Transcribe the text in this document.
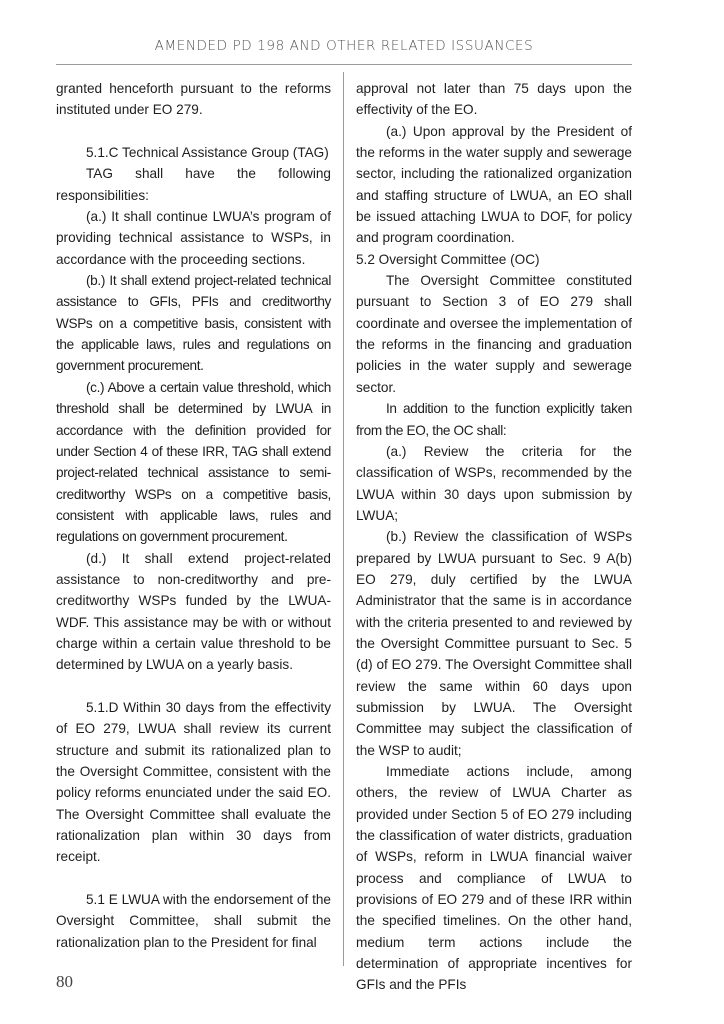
AMENDED PD 198 AND OTHER RELATED ISSUANCES

granted henceforth pursuant to the reforms instituted under EO 279.

5.1.C Technical Assistance Group (TAG)

TAG shall have the following responsibilities:

(a.) It shall continue LWUA’s program of providing technical assistance to WSPs, in accordance with the proceeding sections.

(b.) It shall extend project-related technical assistance to GFIs, PFIs and creditworthy WSPs on a competitive basis, consistent with the applicable laws, rules and regulations on government procurement.

(c.) Above a certain value threshold, which threshold shall be determined by LWUA in accordance with the definition provided for under Section 4 of these IRR, TAG shall extend project-related technical assistance to semi-creditworthy WSPs on a competitive basis, consistent with applicable laws, rules and regulations on government procurement.

(d.) It shall extend project-related assistance to non-creditworthy and pre-creditworthy WSPs funded by the LWUA-WDF. This assistance may be with or without charge within a certain value threshold to be determined by LWUA on a yearly basis.

5.1.D Within 30 days from the effectivity of EO 279, LWUA shall review its current structure and submit its rationalized plan to the Oversight Committee, consistent with the policy reforms enunciated under the said EO. The Oversight Committee shall evaluate the rationalization plan within 30 days from receipt.

5.1 E LWUA with the endorsement of the Oversight Committee, shall submit the rationalization plan to the President for final

approval not later than 75 days upon the effectivity of the EO.

(a.) Upon approval by the President of the reforms in the water supply and sewerage sector, including the rationalized organization and staffing structure of LWUA, an EO shall be issued attaching LWUA to DOF, for policy and program coordination.

5.2 Oversight Committee (OC)

The Oversight Committee constituted pursuant to Section 3 of EO 279 shall coordinate and oversee the implementation of the reforms in the financing and graduation policies in the water supply and sewerage sector.

In addition to the function explicitly taken from the EO, the OC shall:

(a.) Review the criteria for the classification of WSPs, recommended by the LWUA within 30 days upon submission by LWUA;

(b.) Review the classification of WSPs prepared by LWUA pursuant to Sec. 9 A(b) EO 279, duly certified by the LWUA Administrator that the same is in accordance with the criteria presented to and reviewed by the Oversight Committee pursuant to Sec. 5 (d) of EO 279. The Oversight Committee shall review the same within 60 days upon submission by LWUA. The Oversight Committee may subject the classification of the WSP to audit;

Immediate actions include, among others, the review of LWUA Charter as provided under Section 5 of EO 279 including the classification of water districts, graduation of WSPs, reform in LWUA financial waiver process and compliance of LWUA to provisions of EO 279 and of these IRR within the specified timelines. On the other hand, medium term actions include the determination of appropriate incentives for GFIs and the PFIs

80
